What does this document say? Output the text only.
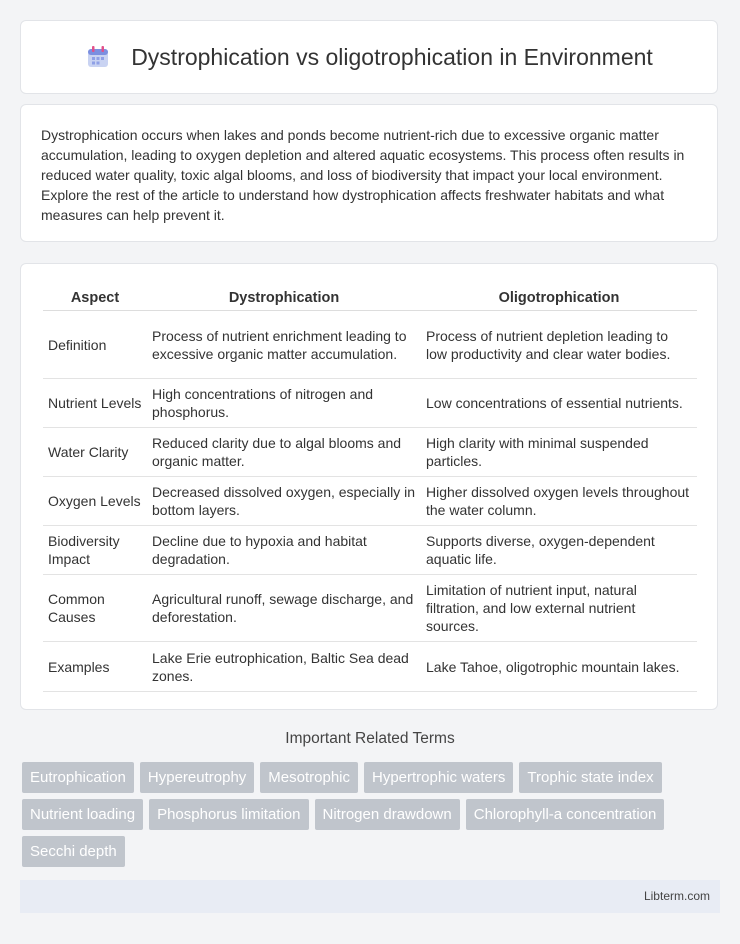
Dystrophication vs oligotrophication in Environment
Dystrophication occurs when lakes and ponds become nutrient-rich due to excessive organic matter accumulation, leading to oxygen depletion and altered aquatic ecosystems. This process often results in reduced water quality, toxic algal blooms, and loss of biodiversity that impact your local environment. Explore the rest of the article to understand how dystrophication affects freshwater habitats and what measures can help prevent it.
Aspect	Dystrophication	Oligotrophication
Definition	Process of nutrient enrichment leading to excessive organic matter accumulation.	Process of nutrient depletion leading to low productivity and clear water bodies.
Nutrient Levels	High concentrations of nitrogen and phosphorus.	Low concentrations of essential nutrients.
Water Clarity	Reduced clarity due to algal blooms and organic matter.	High clarity with minimal suspended particles.
Oxygen Levels	Decreased dissolved oxygen, especially in bottom layers.	Higher dissolved oxygen levels throughout the water column.
Biodiversity Impact	Decline due to hypoxia and habitat degradation.	Supports diverse, oxygen-dependent aquatic life.
Common Causes	Agricultural runoff, sewage discharge, and deforestation.	Limitation of nutrient input, natural filtration, and low external nutrient sources.
Examples	Lake Erie eutrophication, Baltic Sea dead zones.	Lake Tahoe, oligotrophic mountain lakes.
Important Related Terms
Eutrophication	Hypereutrophy	Mesotrophic	Hypertrophic waters	Trophic state index
Nutrient loading	Phosphorus limitation	Nitrogen drawdown	Chlorophyll-a concentration
Secchi depth
Libterm.com
